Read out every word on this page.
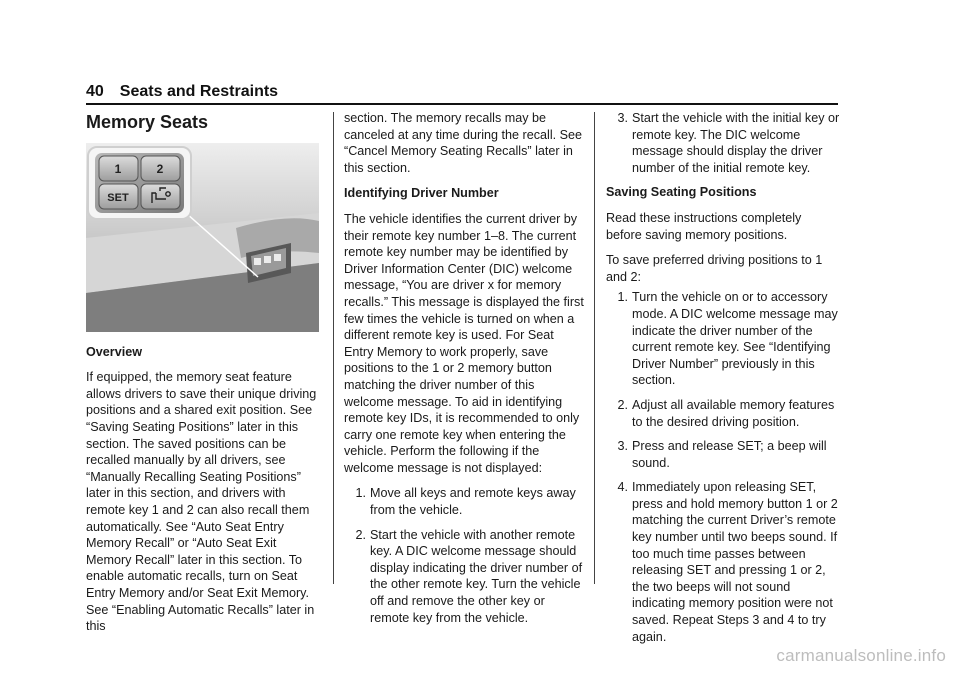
40 Seats and Restraints
Memory Seats
1	2
SET

Overview

If equipped, the memory seat feature allows drivers to save their unique driving positions and a shared exit position. See “Saving Seating Positions” later in this section. The saved positions can be recalled manually by all drivers, see “Manually Recalling Seating Positions” later in this section, and drivers with remote key 1 and 2 can also recall them automatically. See “Auto Seat Entry Memory Recall” or “Auto Seat Exit Memory Recall” later in this section. To enable automatic recalls, turn on Seat Entry Memory and/or Seat Exit Memory. See “Enabling Automatic Recalls” later in this

section. The memory recalls may be canceled at any time during the recall. See “Cancel Memory Seating Recalls” later in this section.

Identifying Driver Number

The vehicle identifies the current driver by their remote key number 1–8. The current remote key number may be identified by Driver Information Center (DIC) welcome message, “You are driver x for memory recalls.” This message is displayed the first few times the vehicle is turned on when a different remote key is used. For Seat Entry Memory to work properly, save positions to the 1 or 2 memory button matching the driver number of this welcome message. To aid in identifying remote key IDs, it is recommended to only carry one remote key when entering the vehicle. Perform the following if the welcome message is not displayed:

1. Move all keys and remote keys away from the vehicle.
2. Start the vehicle with another remote key. A DIC welcome message should display indicating the driver number of the other remote key. Turn the vehicle off and remove the other key or remote key from the vehicle.
3. Start the vehicle with the initial key or remote key. The DIC welcome message should display the driver number of the initial remote key.

Saving Seating Positions

Read these instructions completely before saving memory positions.

To save preferred driving positions to 1 and 2:

1. Turn the vehicle on or to accessory mode. A DIC welcome message may indicate the driver number of the current remote key. See “Identifying Driver Number” previously in this section.
2. Adjust all available memory features to the desired driving position.
3. Press and release SET; a beep will sound.
4. Immediately upon releasing SET, press and hold memory button 1 or 2 matching the current Driver’s remote key number until two beeps sound. If too much time passes between releasing SET and pressing 1 or 2, the two beeps will not sound indicating memory position were not saved. Repeat Steps 3 and 4 to try again.
carmanualsonline.info
